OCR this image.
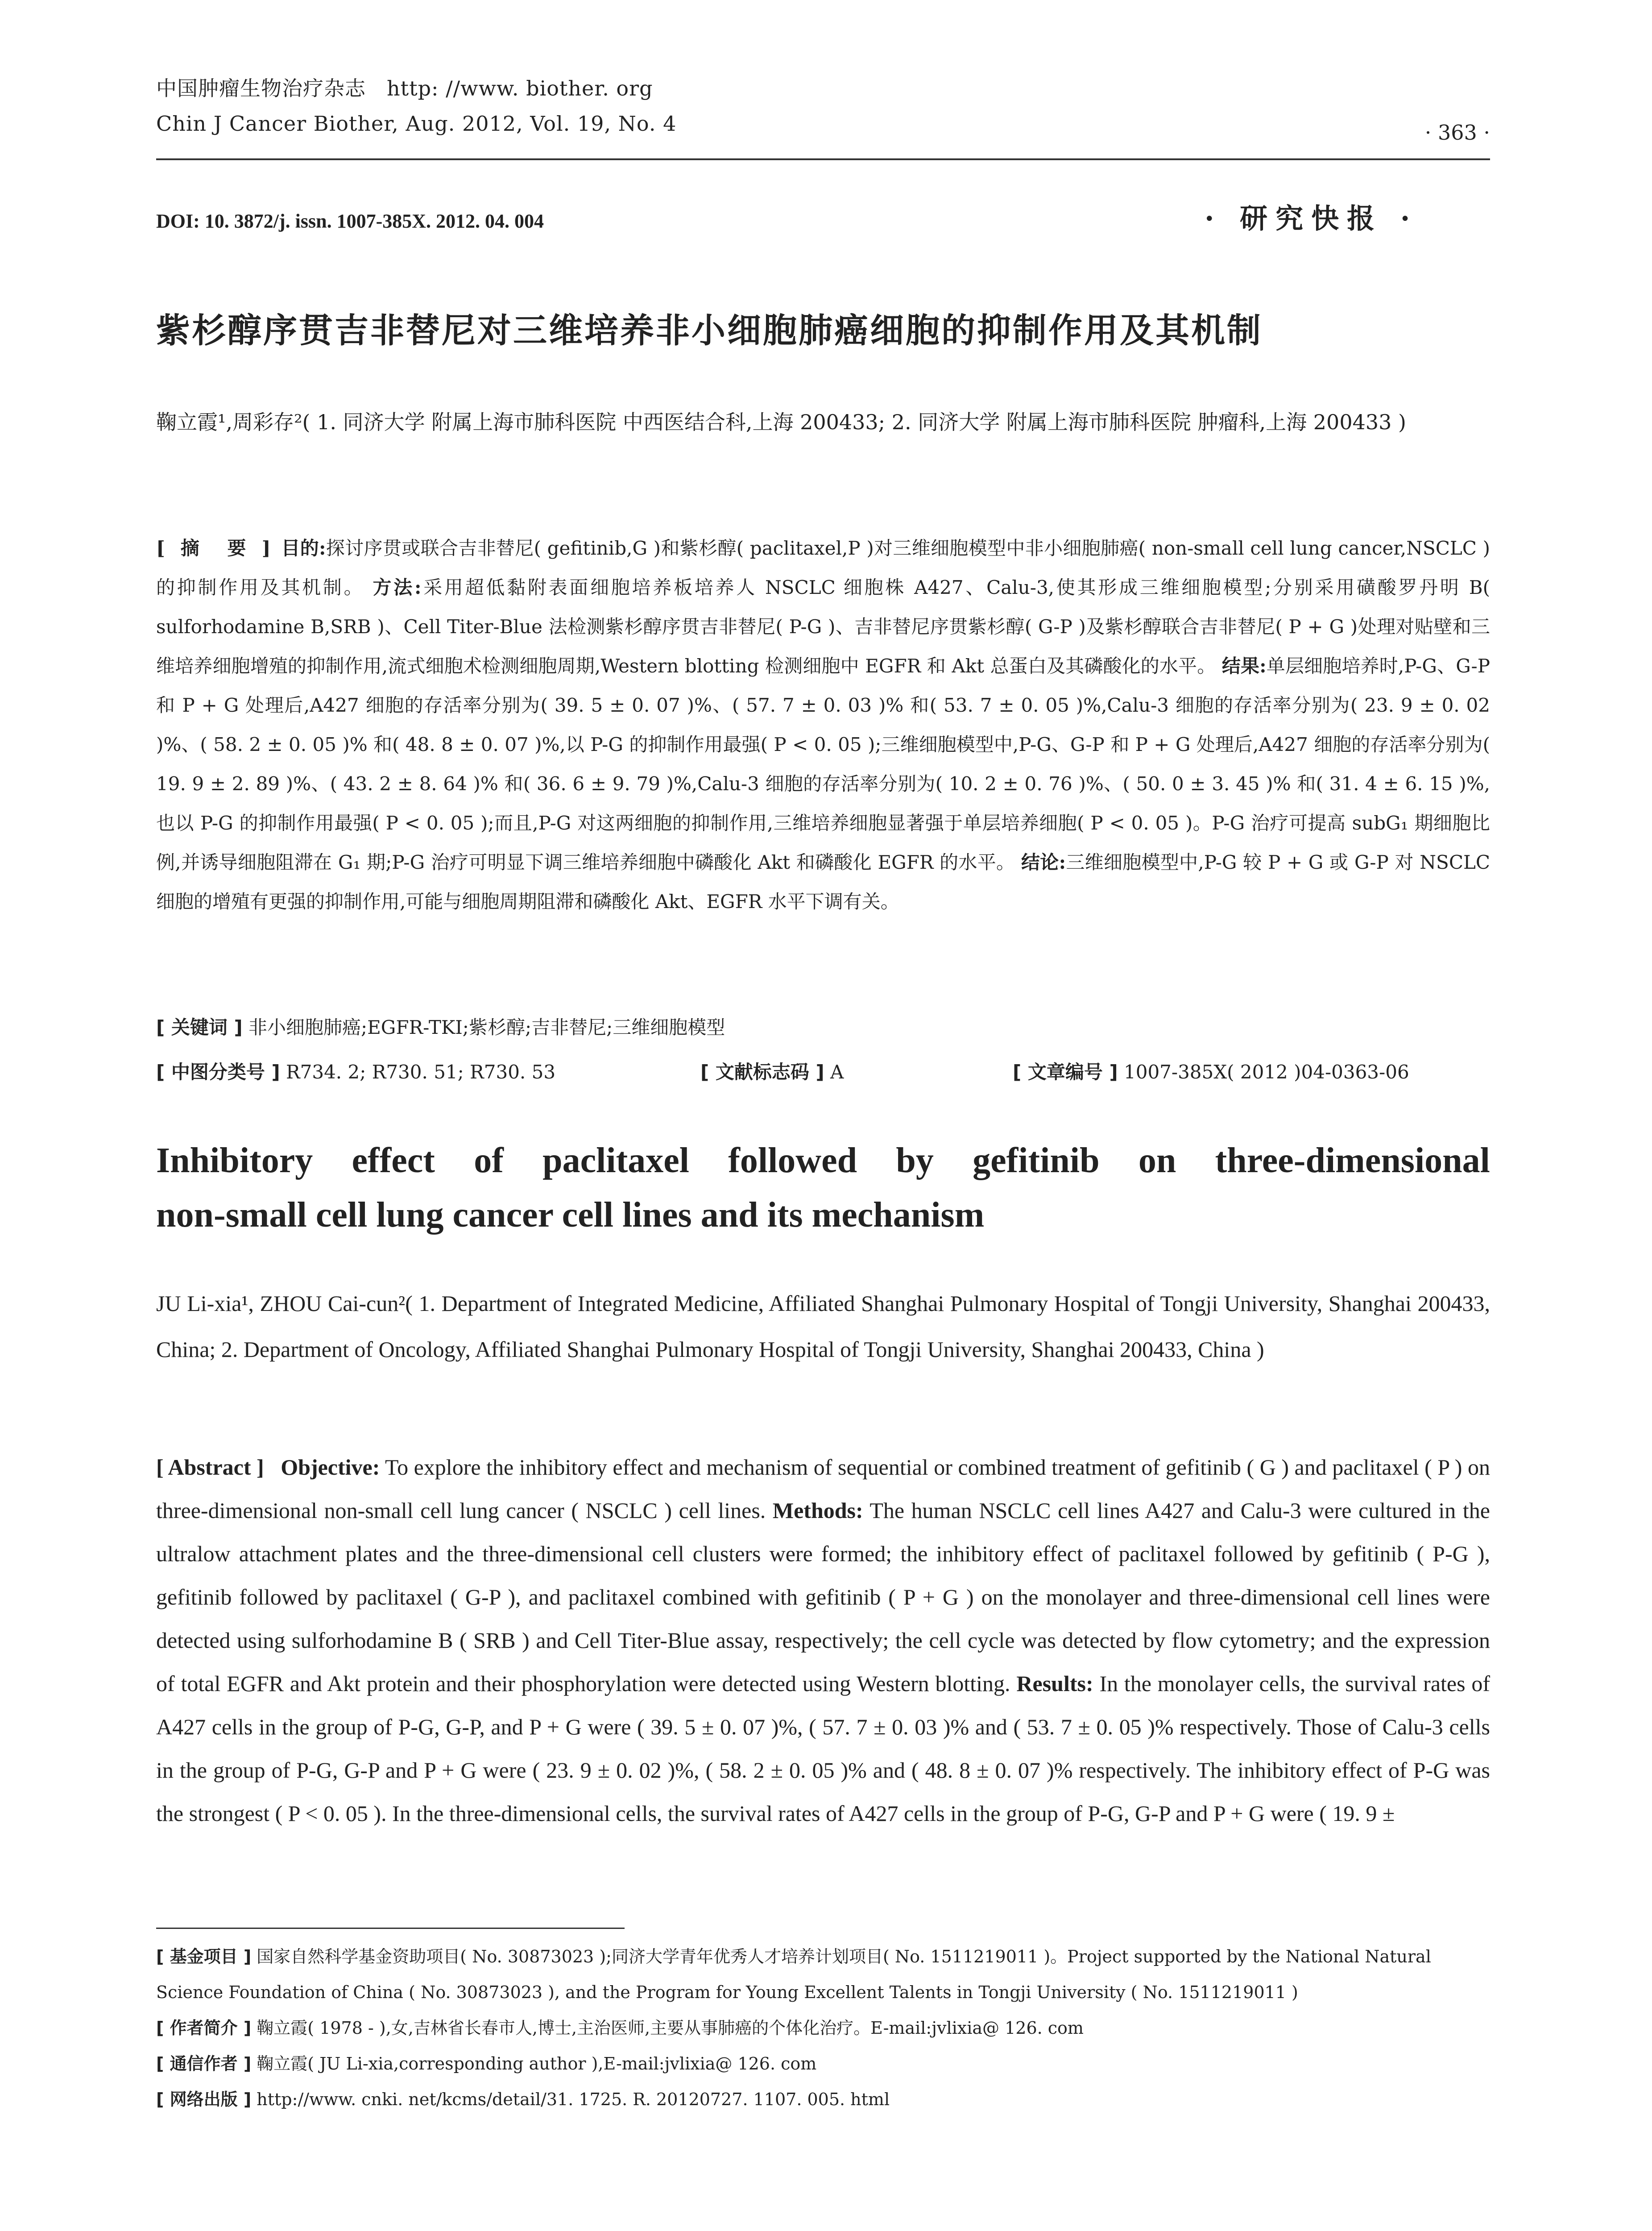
中国肿瘤生物治疗杂志　http: //www. biother. org
Chin J Cancer Biother, Aug. 2012, Vol. 19, No. 4	· 363 ·
DOI: 10. 3872/j. issn. 1007-385X. 2012. 04. 004	· 研究快报 ·
紫杉醇序贯吉非替尼对三维培养非小细胞肺癌细胞的抑制作用及其机制
鞠立霞¹,周彩存²( 1. 同济大学 附属上海市肺科医院 中西医结合科,上海 200433; 2. 同济大学 附属上海市肺科医院 肿瘤科,上海 200433 )
[ 摘　要 ] 目的:探讨序贯或联合吉非替尼( gefitinib,G )和紫杉醇( paclitaxel,P )对三维细胞模型中非小细胞肺癌( non-small cell lung cancer,NSCLC )的抑制作用及其机制。 方法:采用超低黏附表面细胞培养板培养人 NSCLC 细胞株 A427、Calu-3,使其形成三维细胞模型;分别采用磺酸罗丹明 B( sulforhodamine B,SRB )、Cell Titer-Blue 法检测紫杉醇序贯吉非替尼( P-G )、吉非替尼序贯紫杉醇( G-P )及紫杉醇联合吉非替尼( P + G )处理对贴壁和三维培养细胞增殖的抑制作用,流式细胞术检测细胞周期,Western blotting 检测细胞中 EGFR 和 Akt 总蛋白及其磷酸化的水平。 结果:单层细胞培养时,P-G、G-P 和 P + G 处理后,A427 细胞的存活率分别为( 39. 5 ± 0. 07 )%、( 57. 7 ± 0. 03 )% 和( 53. 7 ± 0. 05 )%,Calu-3 细胞的存活率分别为( 23. 9 ± 0. 02 )%、( 58. 2 ± 0. 05 )% 和( 48. 8 ± 0. 07 )%,以 P-G 的抑制作用最强( P < 0. 05 );三维细胞模型中,P-G、G-P 和 P + G 处理后,A427 细胞的存活率分别为( 19. 9 ± 2. 89 )%、( 43. 2 ± 8. 64 )% 和( 36. 6 ± 9. 79 )%,Calu-3 细胞的存活率分别为( 10. 2 ± 0. 76 )%、( 50. 0 ± 3. 45 )% 和( 31. 4 ± 6. 15 )%,也以 P-G 的抑制作用最强( P < 0. 05 );而且,P-G 对这两细胞的抑制作用,三维培养细胞显著强于单层培养细胞( P < 0. 05 )。P-G 治疗可提高 subG₁ 期细胞比例,并诱导细胞阻滞在 G₁ 期;P-G 治疗可明显下调三维培养细胞中磷酸化 Akt 和磷酸化 EGFR 的水平。 结论:三维细胞模型中,P-G 较 P + G 或 G-P 对 NSCLC 细胞的增殖有更强的抑制作用,可能与细胞周期阻滞和磷酸化 Akt、EGFR 水平下调有关。
[ 关键词 ] 非小细胞肺癌;EGFR-TKI;紫杉醇;吉非替尼;三维细胞模型
[ 中图分类号 ] R734. 2; R730. 51; R730. 53	[ 文献标志码 ] A	[ 文章编号 ] 1007-385X( 2012 )04-0363-06
Inhibitory effect of paclitaxel followed by gefitinib on three-dimensional
non-small cell lung cancer cell lines and its mechanism
JU Li-xia¹, ZHOU Cai-cun²( 1. Department of Integrated Medicine, Affiliated Shanghai Pulmonary Hospital of Tongji University, Shanghai 200433, China; 2. Department of Oncology, Affiliated Shanghai Pulmonary Hospital of Tongji University, Shanghai 200433, China )
[ Abstract ] Objective: To explore the inhibitory effect and mechanism of sequential or combined treatment of gefitinib ( G ) and paclitaxel ( P ) on three-dimensional non-small cell lung cancer ( NSCLC ) cell lines. Methods: The human NSCLC cell lines A427 and Calu-3 were cultured in the ultralow attachment plates and the three-dimensional cell clusters were formed; the inhibitory effect of paclitaxel followed by gefitinib ( P-G ), gefitinib followed by paclitaxel ( G-P ), and paclitaxel combined with gefitinib ( P + G ) on the monolayer and three-dimensional cell lines were detected using sulforhodamine B ( SRB ) and Cell Titer-Blue assay, respectively; the cell cycle was detected by flow cytometry; and the expression of total EGFR and Akt protein and their phosphorylation were detected using Western blotting. Results: In the monolayer cells, the survival rates of A427 cells in the group of P-G, G-P, and P + G were ( 39. 5 ± 0. 07 )%, ( 57. 7 ± 0. 03 )% and ( 53. 7 ± 0. 05 )% respectively. Those of Calu-3 cells in the group of P-G, G-P and P + G were ( 23. 9 ± 0. 02 )%, ( 58. 2 ± 0. 05 )% and ( 48. 8 ± 0. 07 )% respectively. The inhibitory effect of P-G was the strongest ( P < 0. 05 ). In the three-dimensional cells, the survival rates of A427 cells in the group of P-G, G-P and P + G were ( 19. 9 ±

[ 基金项目 ] 国家自然科学基金资助项目( No. 30873023 );同济大学青年优秀人才培养计划项目( No. 1511219011 )。Project supported by the National Natural Science Foundation of China ( No. 30873023 ), and the Program for Young Excellent Talents in Tongji University ( No. 1511219011 )

[ 作者简介 ] 鞠立霞( 1978 - ),女,吉林省长春市人,博士,主治医师,主要从事肺癌的个体化治疗。E-mail:jvlixia@ 126. com

[ 通信作者 ] 鞠立霞( JU Li-xia,corresponding author ),E-mail:jvlixia@ 126. com

[ 网络出版 ] http://www. cnki. net/kcms/detail/31. 1725. R. 20120727. 1107. 005. html
